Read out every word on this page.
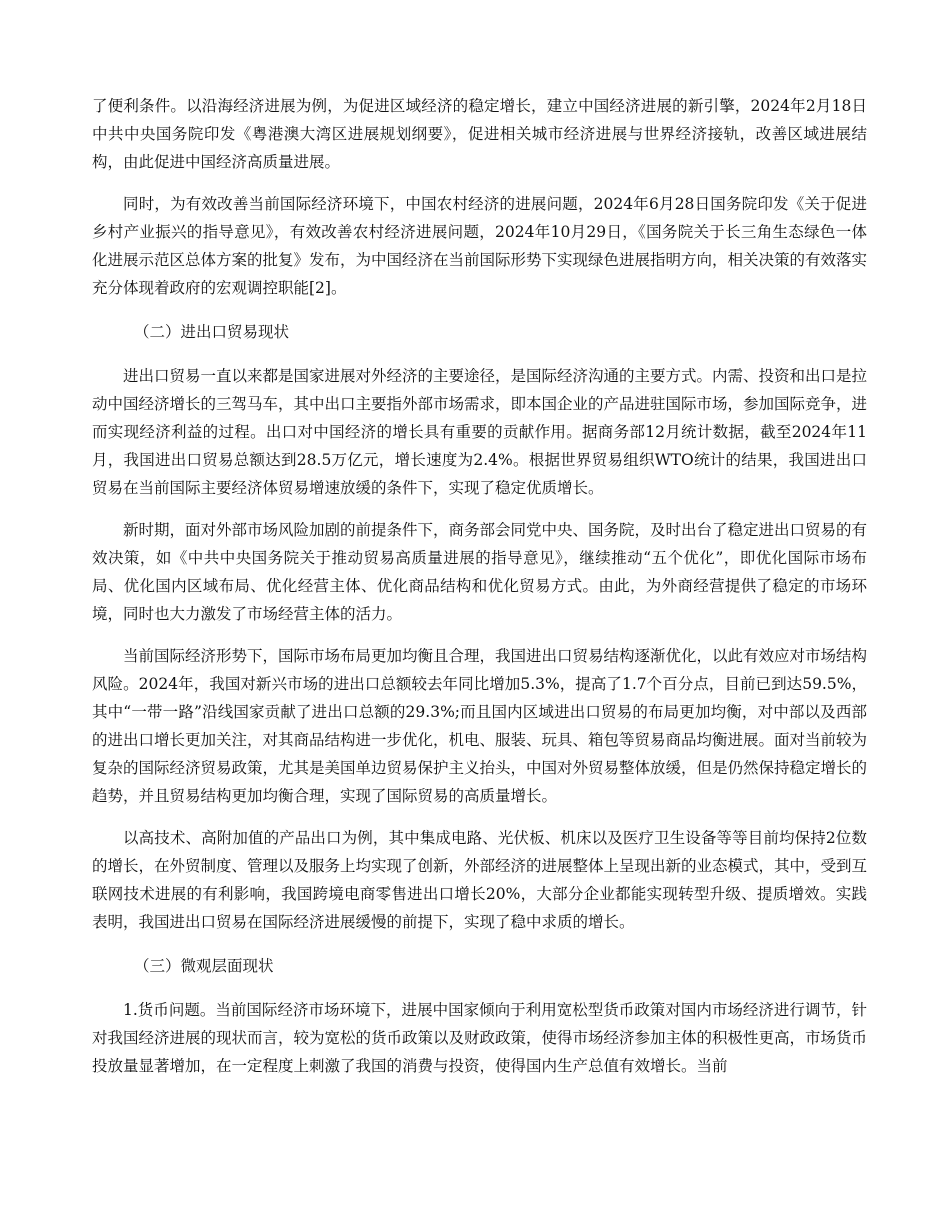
了便利条件。以沿海经济进展为例，为促进区域经济的稳定增长，建立中国经济进展的新引擎，2024年2月18日中共中央国务院印发《粤港澳大湾区进展规划纲要》，促进相关城市经济进展与世界经济接轨，改善区域进展结构，由此促进中国经济高质量进展。

同时，为有效改善当前国际经济环境下，中国农村经济的进展问题，2024年6月28日国务院印发《关于促进乡村产业振兴的指导意见》，有效改善农村经济进展问题，2024年10月29日，《国务院关于长三角生态绿色一体化进展示范区总体方案的批复》发布，为中国经济在当前国际形势下实现绿色进展指明方向，相关决策的有效落实充分体现着政府的宏观调控职能[2]。

（二）进出口贸易现状

进出口贸易一直以来都是国家进展对外经济的主要途径，是国际经济沟通的主要方式。内需、投资和出口是拉动中国经济增长的三驾马车，其中出口主要指外部市场需求，即本国企业的产品进驻国际市场，参加国际竞争，进而实现经济利益的过程。出口对中国经济的增长具有重要的贡献作用。据商务部12月统计数据，截至2024年11月，我国进出口贸易总额达到28.5万亿元，增长速度为2.4%。根据世界贸易组织WTO统计的结果，我国进出口贸易在当前国际主要经济体贸易增速放缓的条件下，实现了稳定优质增长。

新时期，面对外部市场风险加剧的前提条件下，商务部会同党中央、国务院，及时出台了稳定进出口贸易的有效决策，如《中共中央国务院关于推动贸易高质量进展的指导意见》，继续推动“五个优化”，即优化国际市场布局、优化国内区域布局、优化经营主体、优化商品结构和优化贸易方式。由此，为外商经营提供了稳定的市场环境，同时也大力激发了市场经营主体的活力。

当前国际经济形势下，国际市场布局更加均衡且合理，我国进出口贸易结构逐渐优化，以此有效应对市场结构风险。2024年，我国对新兴市场的进出口总额较去年同比增加5.3%，提高了1.7个百分点，目前已到达59.5%，其中“一带一路”沿线国家贡献了进出口总额的29.3%;而且国内区域进出口贸易的布局更加均衡，对中部以及西部的进出口增长更加关注，对其商品结构进一步优化，机电、服装、玩具、箱包等贸易商品均衡进展。面对当前较为复杂的国际经济贸易政策，尤其是美国单边贸易保护主义抬头，中国对外贸易整体放缓，但是仍然保持稳定增长的趋势，并且贸易结构更加均衡合理，实现了国际贸易的高质量增长。

以高技术、高附加值的产品出口为例，其中集成电路、光伏板、机床以及医疗卫生设备等等目前均保持2位数的增长，在外贸制度、管理以及服务上均实现了创新，外部经济的进展整体上呈现出新的业态模式，其中，受到互联网技术进展的有利影响，我国跨境电商零售进出口增长20%，大部分企业都能实现转型升级、提质增效。实践表明，我国进出口贸易在国际经济进展缓慢的前提下，实现了稳中求质的增长。

（三）微观层面现状

1.货币问题。当前国际经济市场环境下，进展中国家倾向于利用宽松型货币政策对国内市场经济进行调节，针对我国经济进展的现状而言，较为宽松的货币政策以及财政政策，使得市场经济参加主体的积极性更高，市场货币投放量显著增加，在一定程度上刺激了我国的消费与投资，使得国内生产总值有效增长。当前
